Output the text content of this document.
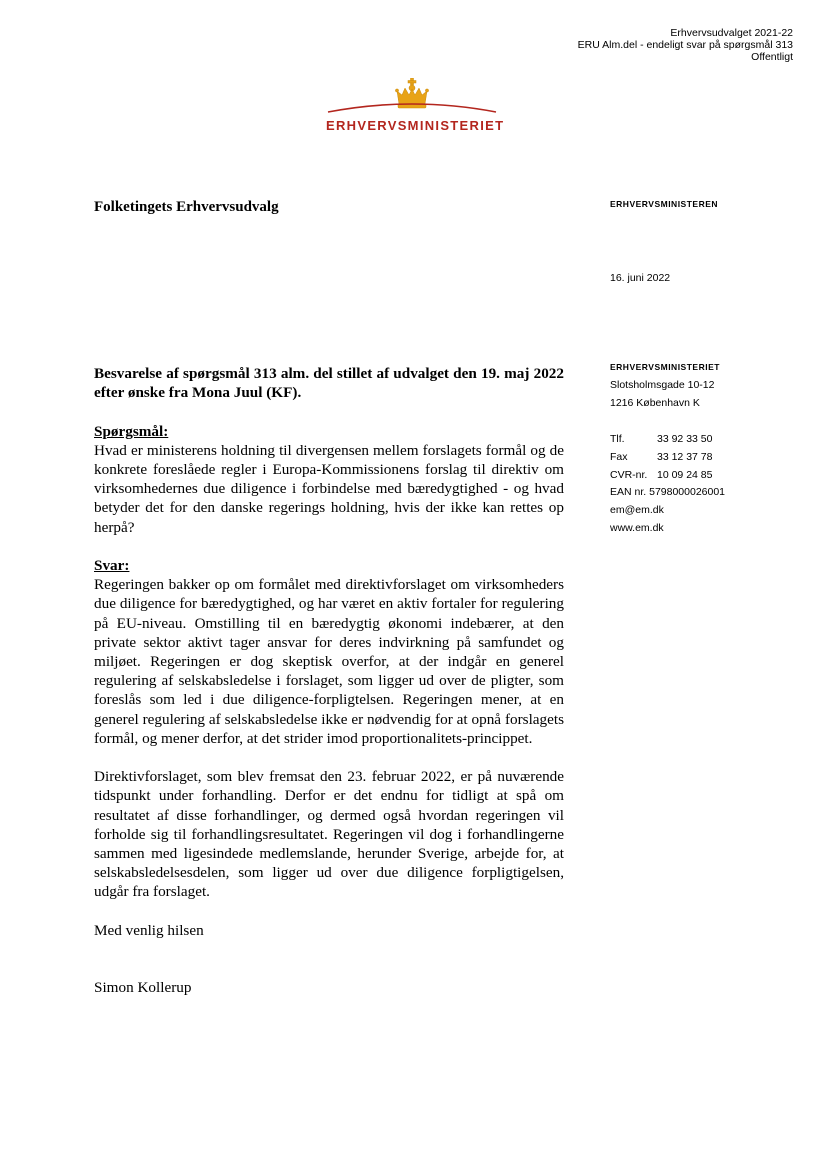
Erhvervsudvalget 2021-22
ERU Alm.del - endeligt svar på spørgsmål 313
Offentligt
ERHVERVSMINISTERIET
Folketingets Erhvervsudvalg	ERHVERVSMINISTEREN
16. juni 2022
ERHVERVSMINISTERIET
Slotsholmsgade 10-12
1216 København K
Tlf.	33 92 33 50
Fax	33 12 37 78
CVR-nr. 10 09 24 85
EAN nr. 5798000026001
em@em.dk
www.em.dk

Besvarelse af spørgsmål 313 alm. del stillet af udvalget den 19. maj 2022 efter ønske fra Mona Juul (KF).

Spørgsmål:

Hvad er ministerens holdning til divergensen mellem forslagets formål og de konkrete foreslåede regler i Europa-Kommissionens forslag til direktiv om virksomhedernes due diligence i forbindelse med bæredygtighed - og hvad betyder det for den danske regerings holdning, hvis der ikke kan rettes op herpå?

Svar:

Regeringen bakker op om formålet med direktivforslaget om virksomheders due diligence for bæredygtighed, og har været en aktiv fortaler for regulering på EU-niveau. Omstilling til en bæredygtig økonomi indebærer, at den private sektor aktivt tager ansvar for deres indvirkning på samfundet og miljøet. Regeringen er dog skeptisk overfor, at der indgår en generel regulering af selskabsledelse i forslaget, som ligger ud over de pligter, som foreslås som led i due diligence-forpligtelsen. Regeringen mener, at en generel regulering af selskabsledelse ikke er nødvendig for at opnå forslagets formål, og mener derfor, at det strider imod proportionalitets-princippet.

Direktivforslaget, som blev fremsat den 23. februar 2022, er på nuværende tidspunkt under forhandling. Derfor er det endnu for tidligt at spå om resultatet af disse forhandlinger, og dermed også hvordan regeringen vil forholde sig til forhandlingsresultatet. Regeringen vil dog i forhandlingerne sammen med ligesindede medlemslande, herunder Sverige, arbejde for, at selskabsledelsesdelen, som ligger ud over due diligence forpligtigelsen, udgår fra forslaget.

Med venlig hilsen

Simon Kollerup
